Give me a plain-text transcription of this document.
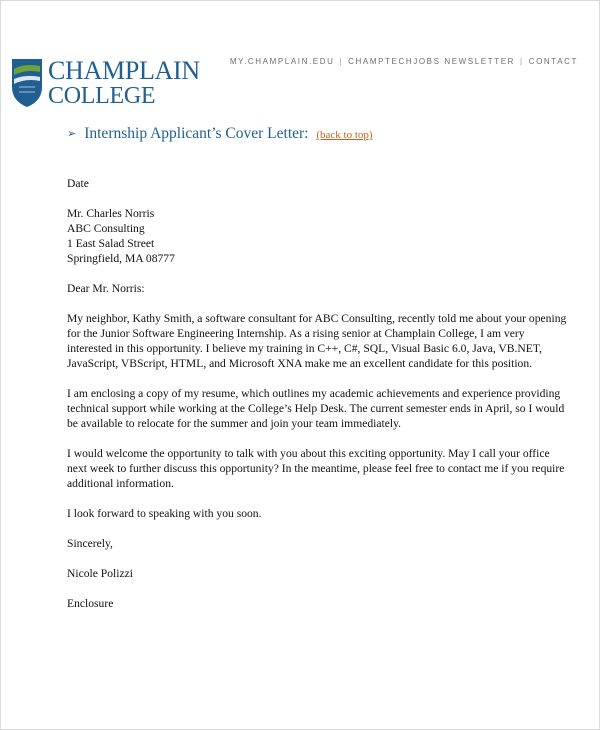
CHAMPLAIN
COLLEGE
MY.CHAMPLAIN.EDU | CHAMPTECHJOBS NEWSLETTER | CONTACT
➢ Internship Applicant’s Cover Letter: (back to top)

Date

Mr. Charles Norris
ABC Consulting
1 East Salad Street
Springfield, MA 08777

Dear Mr. Norris:

My neighbor, Kathy Smith, a software consultant for ABC Consulting, recently told me about your opening for the Junior Software Engineering Internship. As a rising senior at Champlain College, I am very interested in this opportunity. I believe my training in C++, C#, SQL, Visual Basic 6.0, Java, VB.NET, JavaScript, VBScript, HTML, and Microsoft XNA make me an excellent candidate for this position.

I am enclosing a copy of my resume, which outlines my academic achievements and experience providing technical support while working at the College’s Help Desk. The current semester ends in April, so I would be available to relocate for the summer and join your team immediately.

I would welcome the opportunity to talk with you about this exciting opportunity. May I call your office next week to further discuss this opportunity? In the meantime, please feel free to contact me if you require additional information.

I look forward to speaking with you soon.

Sincerely,

Nicole Polizzi

Enclosure
